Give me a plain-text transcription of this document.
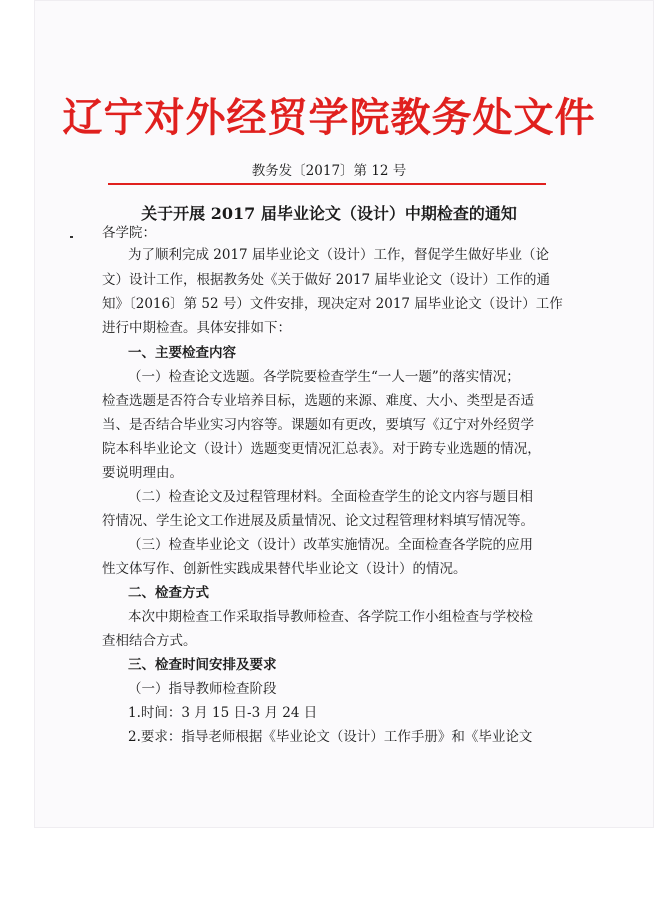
辽宁对外经贸学院教务处文件
教务发〔2017〕第 12 号
关于开展 2017 届毕业论文（设计）中期检查的通知
各学院：
为了顺利完成 2017 届毕业论文（设计）工作，督促学生做好毕业（论
文）设计工作，根据教务处《关于做好 2017 届毕业论文（设计）工作的通
知》〔2016〕第 52 号）文件安排，现决定对 2017 届毕业论文（设计）工作
进行中期检查。具体安排如下：
一、主要检查内容
（一）检查论文选题。各学院要检查学生“一人一题”的落实情况；
检查选题是否符合专业培养目标，选题的来源、难度、大小、类型是否适
当、是否结合毕业实习内容等。课题如有更改，要填写《辽宁对外经贸学
院本科毕业论文（设计）选题变更情况汇总表》。对于跨专业选题的情况，
要说明理由。
（二）检查论文及过程管理材料。全面检查学生的论文内容与题目相
符情况、学生论文工作进展及质量情况、论文过程管理材料填写情况等。
（三）检查毕业论文（设计）改革实施情况。全面检查各学院的应用
性文体写作、创新性实践成果替代毕业论文（设计）的情况。
二、检查方式
本次中期检查工作采取指导教师检查、各学院工作小组检查与学校检
查相结合方式。
三、检查时间安排及要求
（一）指导教师检查阶段
1.时间：3 月 15 日-3 月 24 日
2.要求：指导老师根据《毕业论文（设计）工作手册》和《毕业论文
